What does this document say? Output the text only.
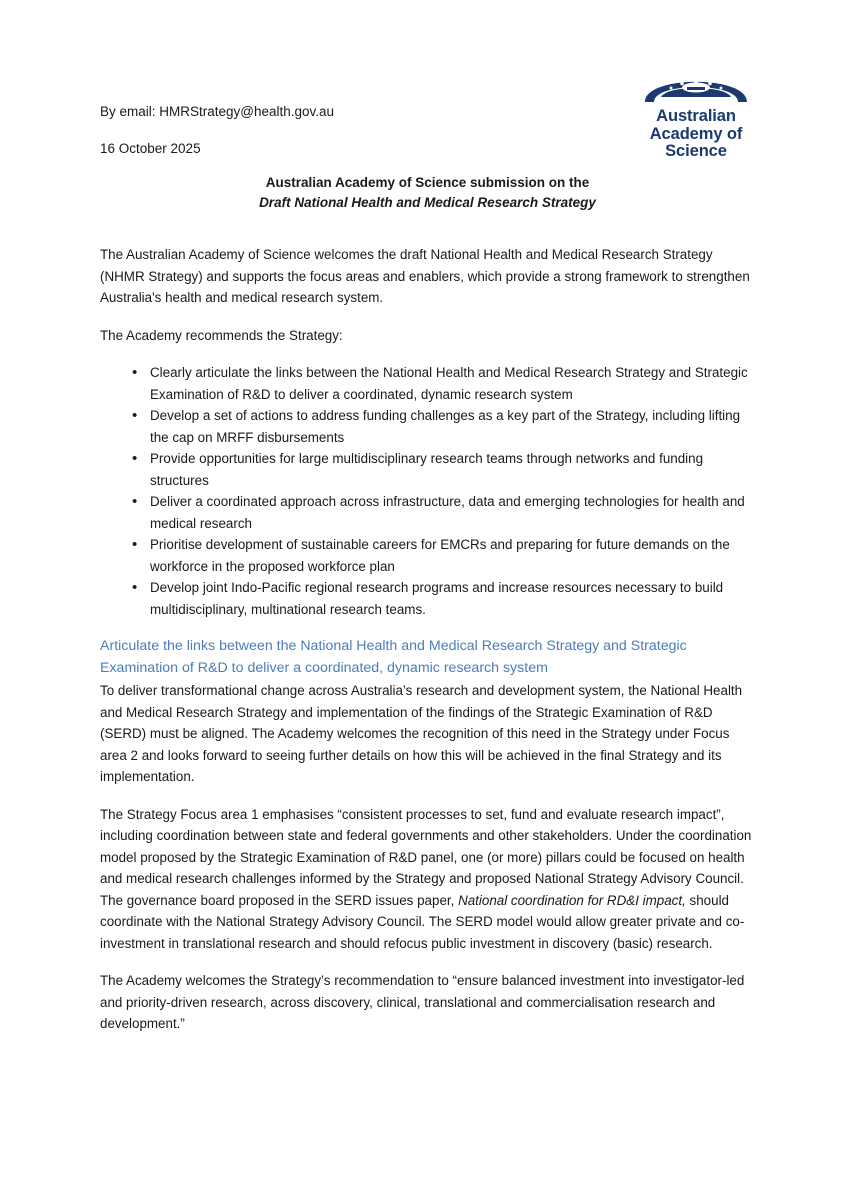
Australian
Academy of
Science
By email: HMRStrategy@health.gov.au
16 October 2025
Australian Academy of Science submission on the
Draft National Health and Medical Research Strategy

The Australian Academy of Science welcomes the draft National Health and Medical Research Strategy (NHMR Strategy) and supports the focus areas and enablers, which provide a strong framework to strengthen Australia's health and medical research system.

The Academy recommends the Strategy:

• Clearly articulate the links between the National Health and Medical Research Strategy and Strategic Examination of R&D to deliver a coordinated, dynamic research system
• Develop a set of actions to address funding challenges as a key part of the Strategy, including lifting the cap on MRFF disbursements
• Provide opportunities for large multidisciplinary research teams through networks and funding structures
• Deliver a coordinated approach across infrastructure, data and emerging technologies for health and medical research
• Prioritise development of sustainable careers for EMCRs and preparing for future demands on the workforce in the proposed workforce plan
• Develop joint Indo-Pacific regional research programs and increase resources necessary to build multidisciplinary, multinational research teams.
Articulate the links between the National Health and Medical Research Strategy and Strategic Examination of R&D to deliver a coordinated, dynamic research system

To deliver transformational change across Australia’s research and development system, the National Health and Medical Research Strategy and implementation of the findings of the Strategic Examination of R&D (SERD) must be aligned. The Academy welcomes the recognition of this need in the Strategy under Focus area 2 and looks forward to seeing further details on how this will be achieved in the final Strategy and its implementation.

The Strategy Focus area 1 emphasises “consistent processes to set, fund and evaluate research impact”, including coordination between state and federal governments and other stakeholders. Under the coordination model proposed by the Strategic Examination of R&D panel, one (or more) pillars could be focused on health and medical research challenges informed by the Strategy and proposed National Strategy Advisory Council. The governance board proposed in the SERD issues paper, National coordination for RD&I impact, should coordinate with the National Strategy Advisory Council. The SERD model would allow greater private and co-investment in translational research and should refocus public investment in discovery (basic) research.

The Academy welcomes the Strategy’s recommendation to “ensure balanced investment into investigator-led and priority-driven research, across discovery, clinical, translational and commercialisation research and development.”
